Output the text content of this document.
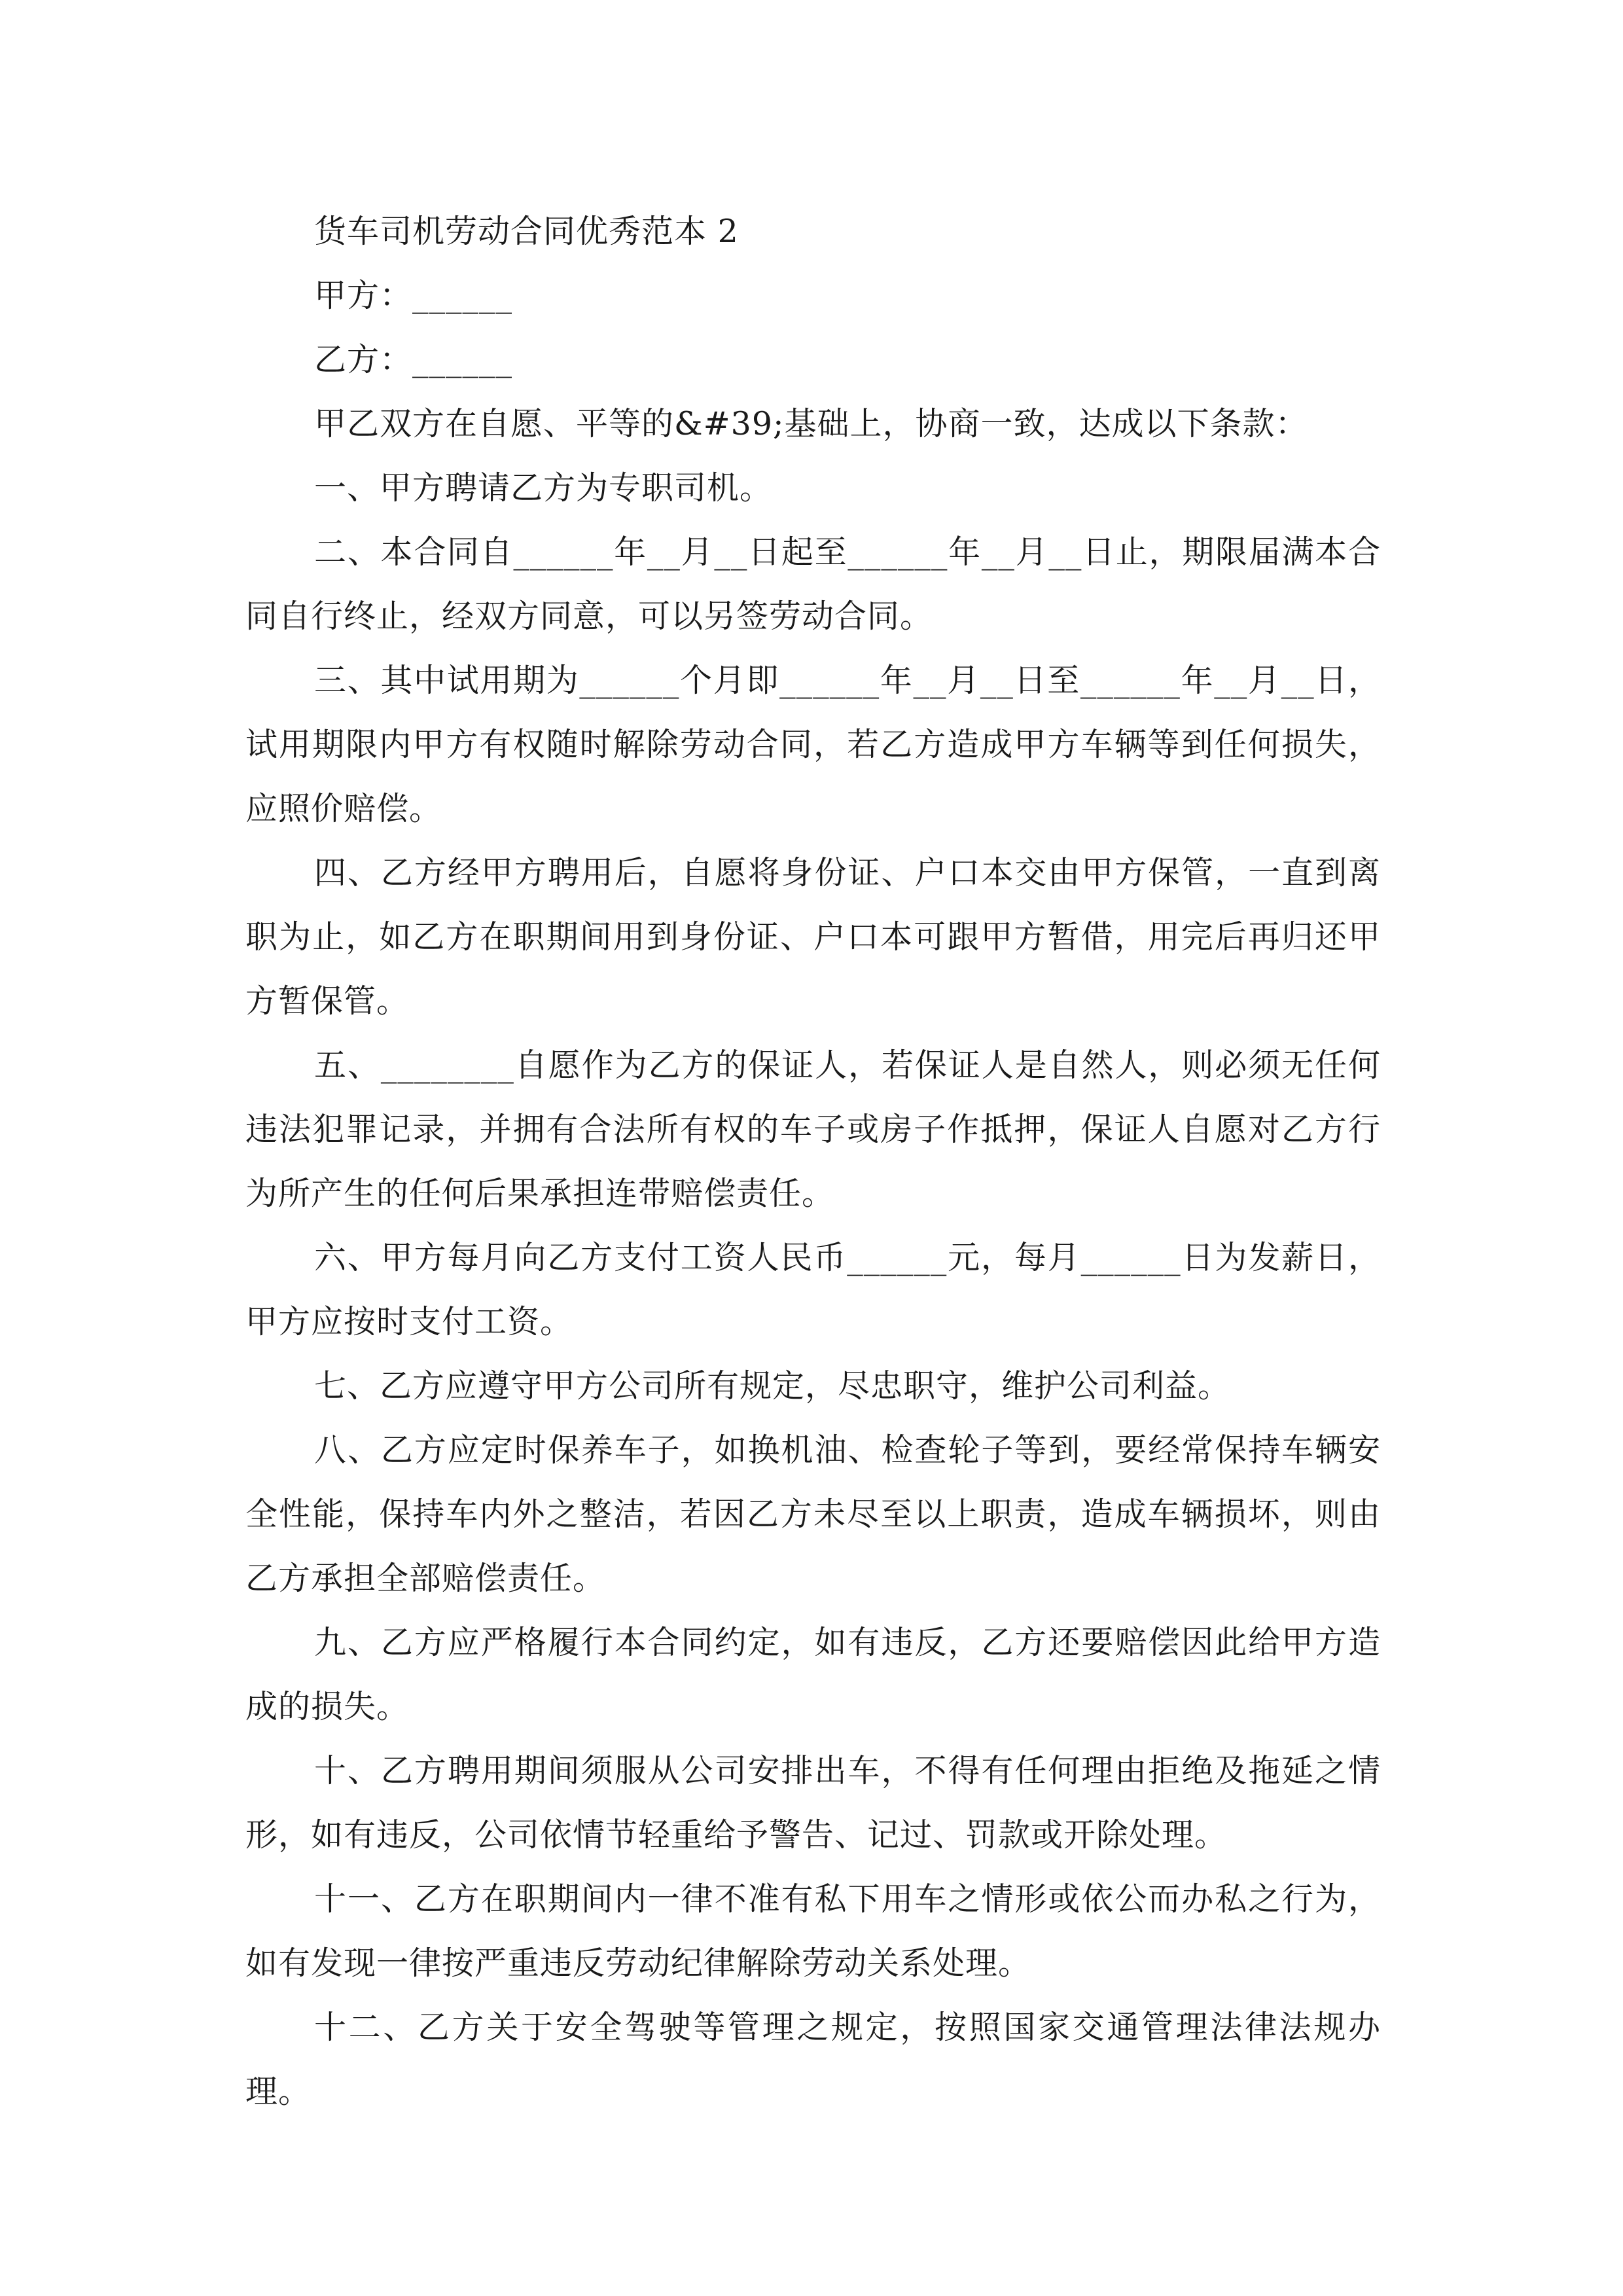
货车司机劳动合同优秀范本 2

甲方：______

乙方：______

甲乙双方在自愿、平等的&#39;基础上，协商一致，达成以下条款：

一、甲方聘请乙方为专职司机。

二、本合同自______年__月__日起至______年__月__日止，期限届满本合同自行终止，经双方同意，可以另签劳动合同。

三、其中试用期为______个月即______年__月__日至______年__月__日，试用期限内甲方有权随时解除劳动合同，若乙方造成甲方车辆等到任何损失，应照价赔偿。

四、乙方经甲方聘用后，自愿将身份证、户口本交由甲方保管，一直到离职为止，如乙方在职期间用到身份证、户口本可跟甲方暂借，用完后再归还甲方暂保管。

五、________自愿作为乙方的保证人，若保证人是自然人，则必须无任何违法犯罪记录，并拥有合法所有权的车子或房子作抵押，保证人自愿对乙方行为所产生的任何后果承担连带赔偿责任。

六、甲方每月向乙方支付工资人民币______元，每月______日为发薪日，甲方应按时支付工资。

七、乙方应遵守甲方公司所有规定，尽忠职守，维护公司利益。

八、乙方应定时保养车子，如换机油、检查轮子等到，要经常保持车辆安全性能，保持车内外之整洁，若因乙方未尽至以上职责，造成车辆损坏，则由乙方承担全部赔偿责任。

九、乙方应严格履行本合同约定，如有违反，乙方还要赔偿因此给甲方造成的损失。

十、乙方聘用期间须服从公司安排出车，不得有任何理由拒绝及拖延之情形，如有违反，公司依情节轻重给予警告、记过、罚款或开除处理。

十一、乙方在职期间内一律不准有私下用车之情形或依公而办私之行为，如有发现一律按严重违反劳动纪律解除劳动关系处理。

十二、乙方关于安全驾驶等管理之规定，按照国家交通管理法律法规办理。
